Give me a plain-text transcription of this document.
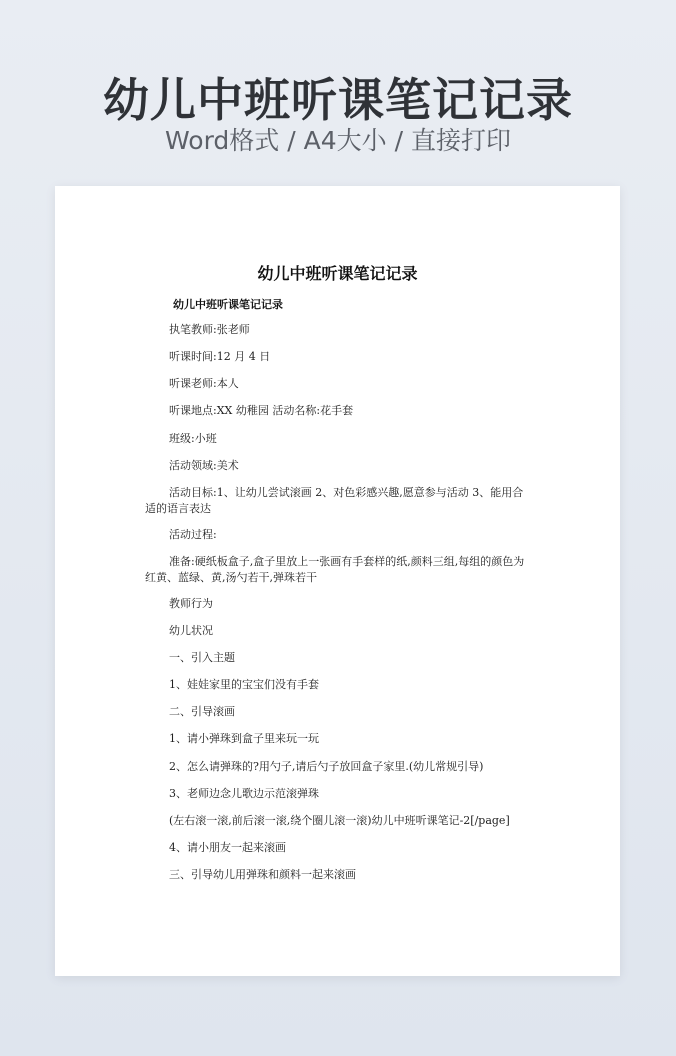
幼儿中班听课笔记记录
Word格式 / A4大小 / 直接打印
幼儿中班听课笔记记录
幼儿中班听课笔记记录
执笔教师:张老师
听课时间:12 月 4 日
听课老师:本人
听课地点:XX 幼稚园 活动名称:花手套
班级:小班
活动领域:美术
活动目标:1、让幼儿尝试滚画 2、对色彩感兴趣,愿意参与活动 3、能用合适的语言表达
活动过程:
准备:硬纸板盒子,盒子里放上一张画有手套样的纸,颜料三组,每组的颜色为红黄、蓝绿、黄,汤勺若干,弹珠若干
教师行为
幼儿状况
一、引入主题
1、娃娃家里的宝宝们没有手套
二、引导滚画
1、请小弹珠到盒子里来玩一玩
2、怎么请弹珠的?用勺子,请后勺子放回盒子家里.(幼儿常规引导)
3、老师边念儿歌边示范滚弹珠
(左右滚一滚,前后滚一滚,绕个圈儿滚一滚)幼儿中班听课笔记-2[/page]
4、请小朋友一起来滚画
三、引导幼儿用弹珠和颜料一起来滚画
